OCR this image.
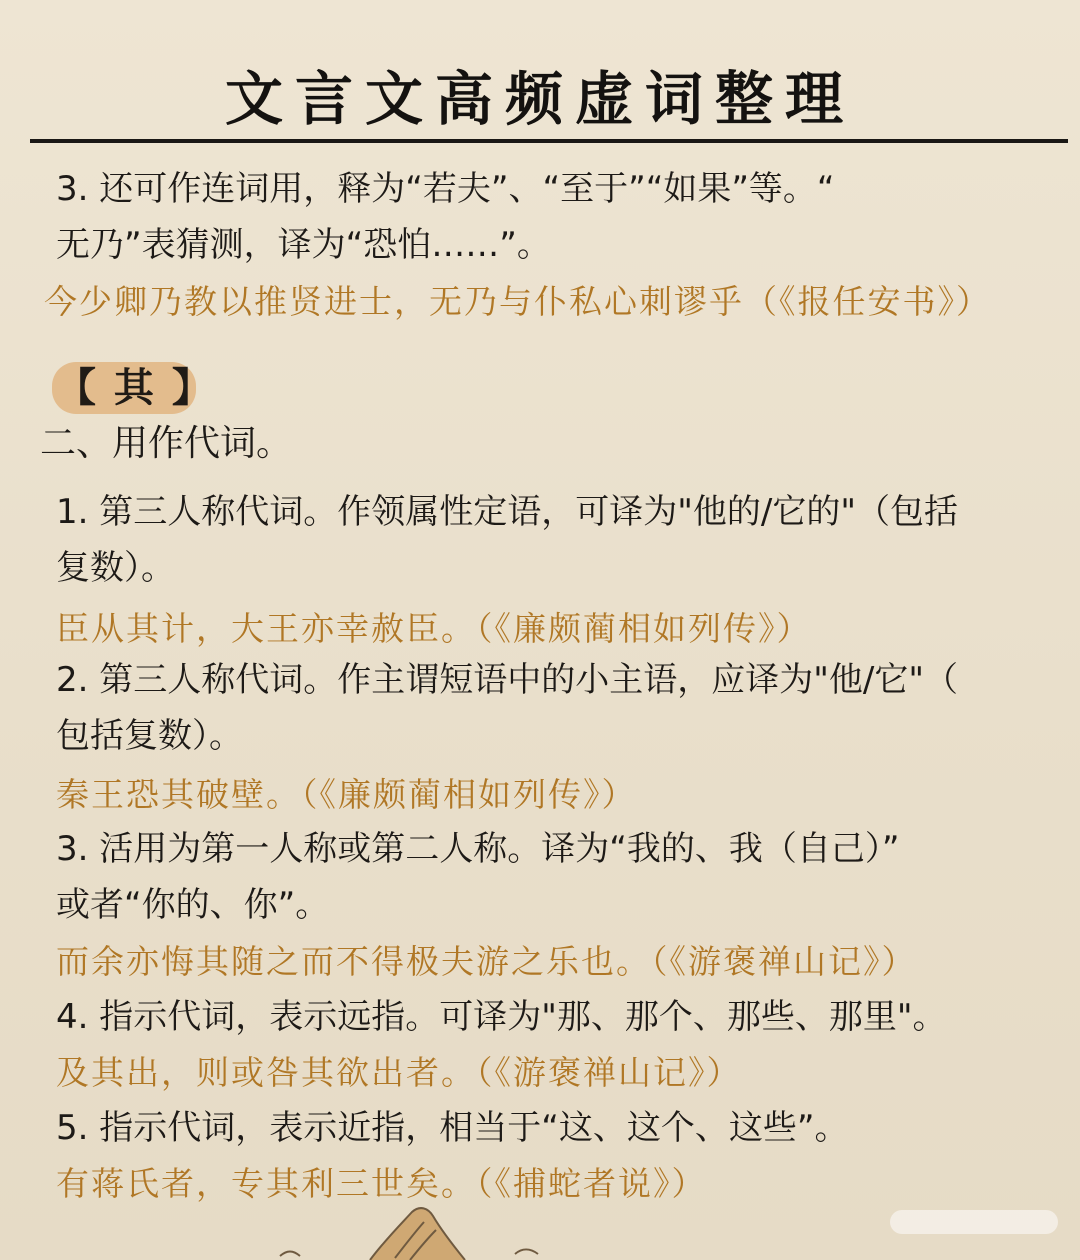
文言文高频虚词整理
3. 还可作连词用，释为“若夫”、“至于”“如果”等。“
无乃”表猜测，译为“恐怕……”。
今少卿乃教以推贤进士，无乃与仆私心刺谬乎（《报任安书》）
【 其 】
二、用作代词。
1. 第三人称代词。作领属性定语，可译为"他的/它的"（包括
复数）。
臣从其计，大王亦幸赦臣。（《廉颇蔺相如列传》）
2. 第三人称代词。作主谓短语中的小主语，应译为"他/它"（
包括复数）。
秦王恐其破壁。（《廉颇蔺相如列传》）
3. 活用为第一人称或第二人称。译为“我的、我（自己）”
或者“你的、你”。
而余亦悔其随之而不得极夫游之乐也。（《游褒禅山记》）
4. 指示代词，表示远指。可译为"那、那个、那些、那里"。
及其出，则或咎其欲出者。（《游褒禅山记》）
5. 指示代词，表示近指，相当于“这、这个、这些”。
有蒋氏者，专其利三世矣。（《捕蛇者说》）
